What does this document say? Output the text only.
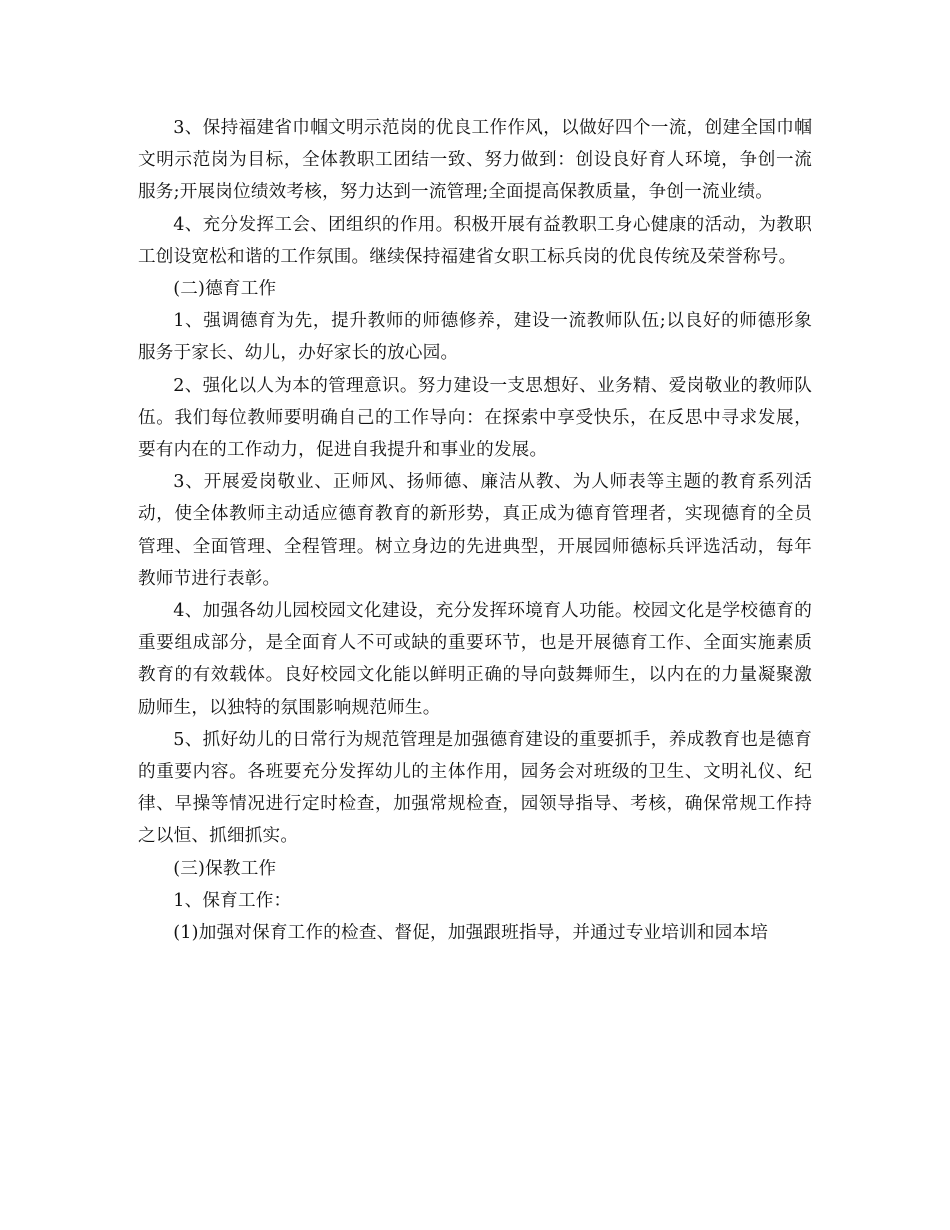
3、保持福建省巾帼文明示范岗的优良工作作风，以做好四个一流，创建全国巾帼文明示范岗为目标，全体教职工团结一致、努力做到：创设良好育人环境，争创一流服务;开展岗位绩效考核，努力达到一流管理;全面提高保教质量，争创一流业绩。

4、充分发挥工会、团组织的作用。积极开展有益教职工身心健康的活动，为教职工创设宽松和谐的工作氛围。继续保持福建省女职工标兵岗的优良传统及荣誉称号。

(二)德育工作

1、强调德育为先，提升教师的师德修养，建设一流教师队伍;以良好的师德形象服务于家长、幼儿，办好家长的放心园。

2、强化以人为本的管理意识。努力建设一支思想好、业务精、爱岗敬业的教师队伍。我们每位教师要明确自己的工作导向：在探索中享受快乐，在反思中寻求发展，要有内在的工作动力，促进自我提升和事业的发展。

3、开展爱岗敬业、正师风、扬师德、廉洁从教、为人师表等主题的教育系列活动，使全体教师主动适应德育教育的新形势，真正成为德育管理者，实现德育的全员管理、全面管理、全程管理。树立身边的先进典型，开展园师德标兵评选活动，每年教师节进行表彰。

4、加强各幼儿园校园文化建设，充分发挥环境育人功能。校园文化是学校德育的重要组成部分，是全面育人不可或缺的重要环节，也是开展德育工作、全面实施素质教育的有效载体。良好校园文化能以鲜明正确的导向鼓舞师生，以内在的力量凝聚激励师生，以独特的氛围影响规范师生。

5、抓好幼儿的日常行为规范管理是加强德育建设的重要抓手，养成教育也是德育的重要内容。各班要充分发挥幼儿的主体作用，园务会对班级的卫生、文明礼仪、纪律、早操等情况进行定时检查，加强常规检查，园领导指导、考核，确保常规工作持之以恒、抓细抓实。

(三)保教工作

1、保育工作：

(1)加强对保育工作的检查、督促，加强跟班指导，并通过专业培训和园本培
